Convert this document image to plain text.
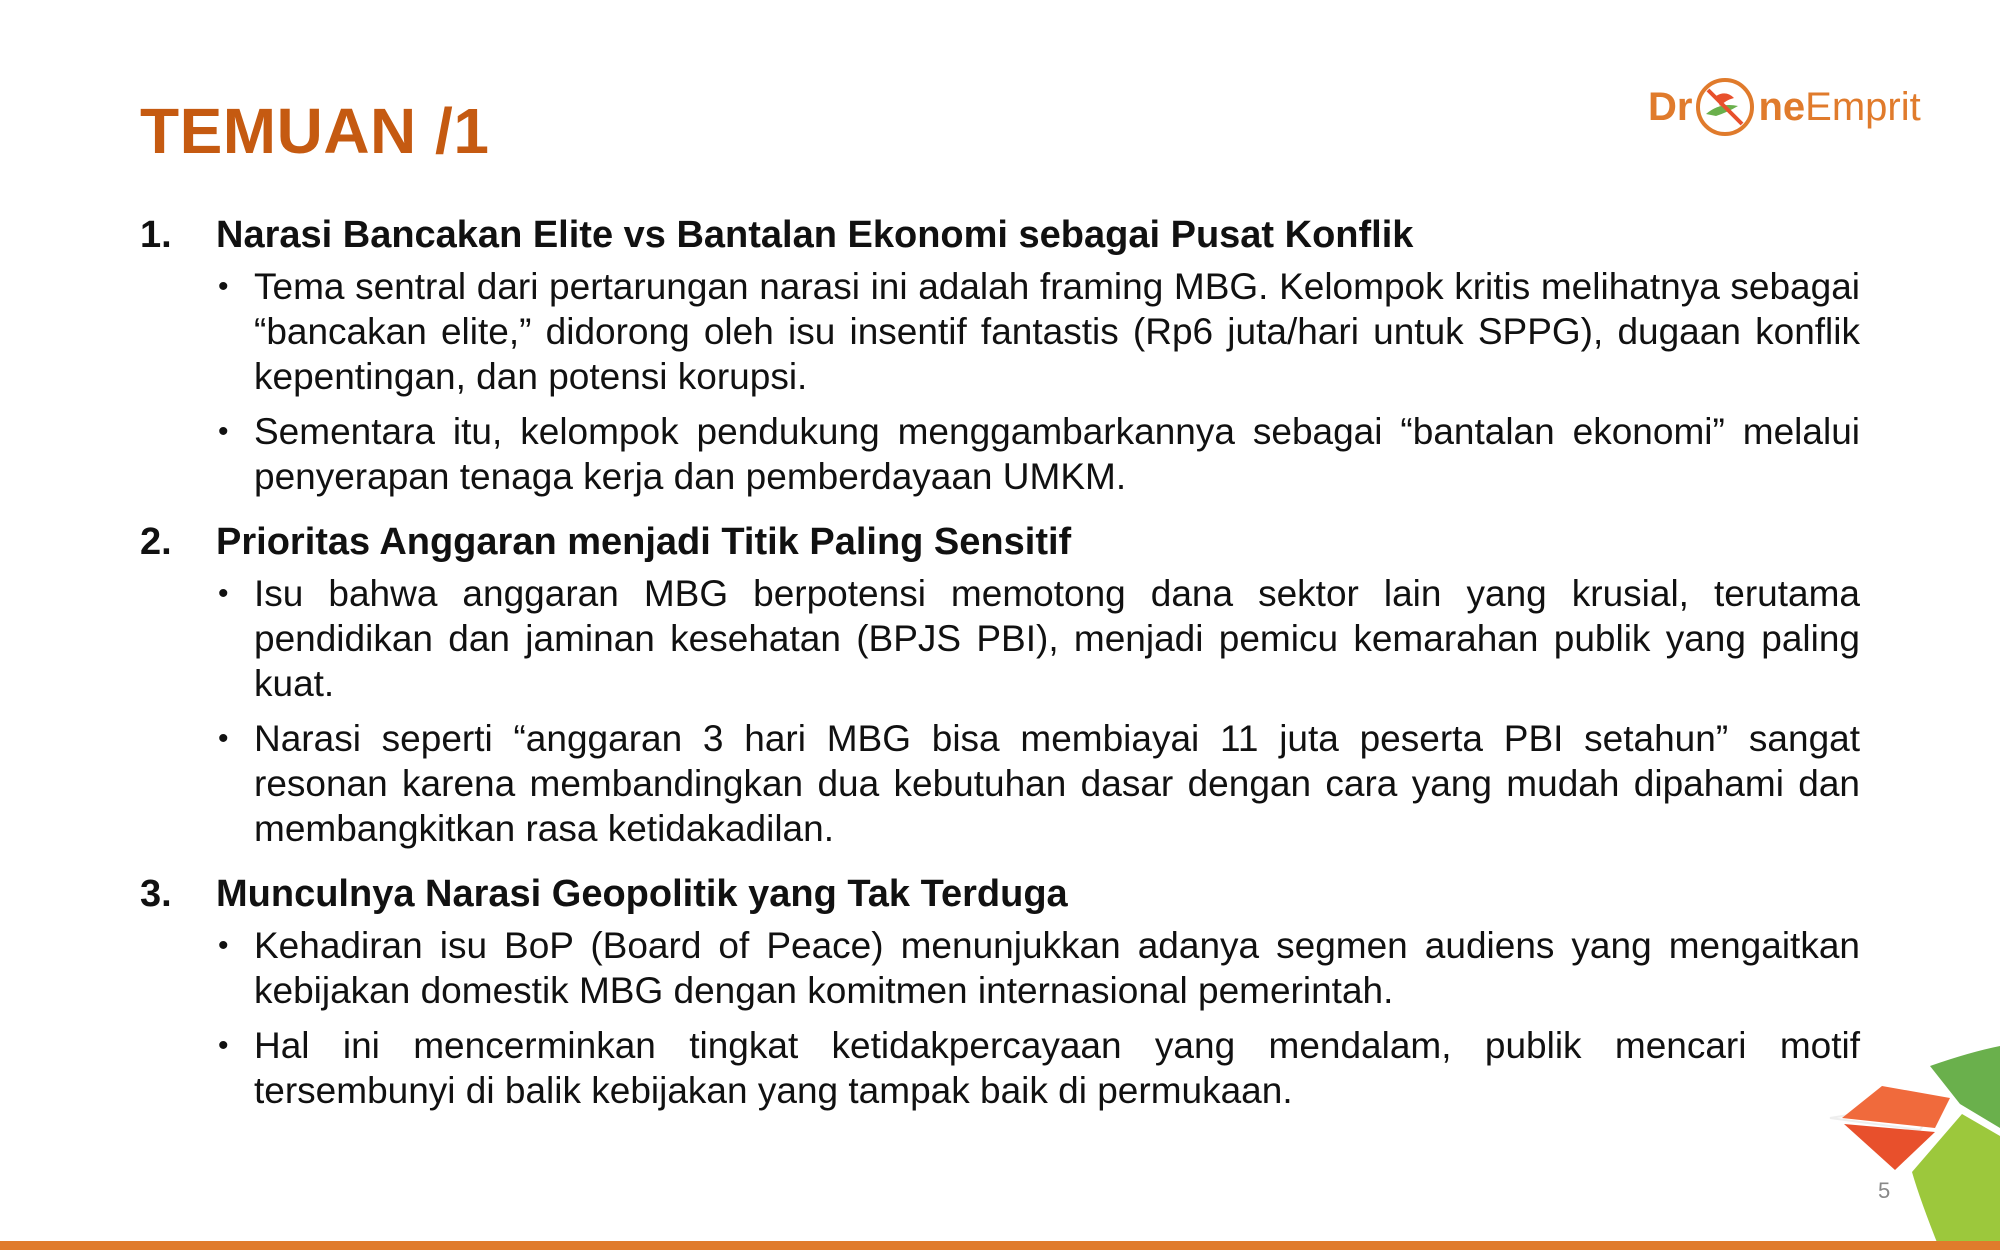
TEMUAN /1	Dr ne Emprit
1.	Narasi Bancakan Elite vs Bantalan Ekonomi sebagai Pusat Konflik
• Tema sentral dari pertarungan narasi ini adalah framing MBG. Kelompok kritis melihatnya sebagai “bancakan elite,” didorong oleh isu insentif fantastis (Rp6 juta/hari untuk SPPG), dugaan konflik kepentingan, dan potensi korupsi.
• Sementara itu, kelompok pendukung menggambarkannya sebagai “bantalan ekonomi” melalui penyerapan tenaga kerja dan pemberdayaan UMKM.
2.	Prioritas Anggaran menjadi Titik Paling Sensitif
• Isu bahwa anggaran MBG berpotensi memotong dana sektor lain yang krusial, terutama pendidikan dan jaminan kesehatan (BPJS PBI), menjadi pemicu kemarahan publik yang paling kuat.
• Narasi seperti “anggaran 3 hari MBG bisa membiayai 11 juta peserta PBI setahun” sangat resonan karena membandingkan dua kebutuhan dasar dengan cara yang mudah dipahami dan membangkitkan rasa ketidakadilan.
3.	Munculnya Narasi Geopolitik yang Tak Terduga
• Kehadiran isu BoP (Board of Peace) menunjukkan adanya segmen audiens yang mengaitkan kebijakan domestik MBG dengan komitmen internasional pemerintah.
• Hal ini mencerminkan tingkat ketidakpercayaan yang mendalam, publik mencari motif tersembunyi di balik kebijakan yang tampak baik di permukaan.
5
